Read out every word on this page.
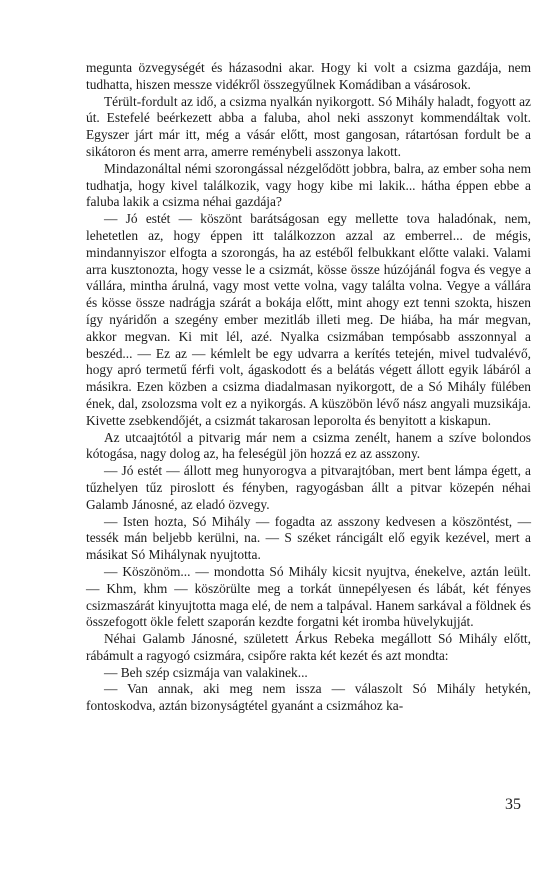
megunta özvegységét és házasodni akar. Hogy ki volt a csizma gazdája, nem tudhatta, hiszen messze vidékről összegyűlnek Komádiban a vásárosok.

Térült-fordult az idő, a csizma nyalkán nyikorgott. Só Mihály haladt, fogyott az út. Estefelé beérkezett abba a faluba, ahol neki asszonyt kommendáltak volt. Egyszer járt már itt, még a vásár előtt, most gangosan, rátartósan fordult be a sikátoron és ment arra, amerre reménybeli asszonya lakott.

Mindazonáltal némi szorongással nézgelődött jobbra, balra, az ember soha nem tudhatja, hogy kivel találkozik, vagy hogy kibe mi lakik... hátha éppen ebbe a faluba lakik a csizma néhai gazdája?

— Jó estét — köszönt barátságosan egy mellette tova haladónak, nem, lehetetlen az, hogy éppen itt találkozzon azzal az emberrel... de mégis, mindannyiszor elfogta a szorongás, ha az estéből felbukkant előtte valaki. Valami arra kusztonozta, hogy vesse le a csizmát, kösse össze húzójánál fogva és vegye a vállára, mintha árulná, vagy most vette volna, vagy találta volna. Vegye a vállára és kösse össze nadrágja szárát a bokája előtt, mint ahogy ezt tenni szokta, hiszen így nyáridőn a szegény ember mezitláb illeti meg. De hiába, ha már megvan, akkor megvan. Ki mit lél, azé. Nyalka csizmában tempósabb asszonnyal a beszéd... — Ez az — kémlelt be egy udvarra a kerítés tetején, mivel tudvalévő, hogy apró termetű férfi volt, ágaskodott és a belátás végett állott egyik lábáról a másikra. Ezen közben a csizma diadalmasan nyikorgott, de a Só Mihály fülében ének, dal, zsolozsma volt ez a nyikorgás. A küszöbön lévő nász angyali muzsikája. Kivette zsebkendőjét, a csizmát takarosan leporolta és benyitott a kiskapun.

Az utcaajtótól a pitvarig már nem a csizma zenélt, hanem a szíve bolondos kótogása, nagy dolog az, ha feleségül jön hozzá ez az asszony.

— Jó estét — állott meg hunyorogva a pitvarajtóban, mert bent lámpa égett, a tűzhelyen tűz piroslott és fényben, ragyogásban állt a pitvar közepén néhai Galamb Jánosné, az eladó özvegy.

— Isten hozta, Só Mihály — fogadta az asszony kedvesen a köszöntést, — tessék mán beljebb kerülni, na. — S széket ráncigált elő egyik kezével, mert a másikat Só Mihálynak nyujtotta.

— Köszönöm... — mondotta Só Mihály kicsit nyujtva, énekelve, aztán leült. — Khm, khm — köszörülte meg a torkát ünnepélyesen és lábát, két fényes csizmaszárát kinyujtotta maga elé, de nem a talpával. Hanem sarkával a földnek és összefogott ökle felett szaporán kezdte forgatni két iromba hüvelykujját.

Néhai Galamb Jánosné, született Árkus Rebeka megállott Só Mihály előtt, rábámult a ragyogó csizmára, csipőre rakta két kezét és azt mondta:

— Beh szép csizmája van valakinek...

— Van annak, aki meg nem issza — válaszolt Só Mihály hetykén, fontoskodva, aztán bizonyságtétel gyanánt a csizmához ka-

35
